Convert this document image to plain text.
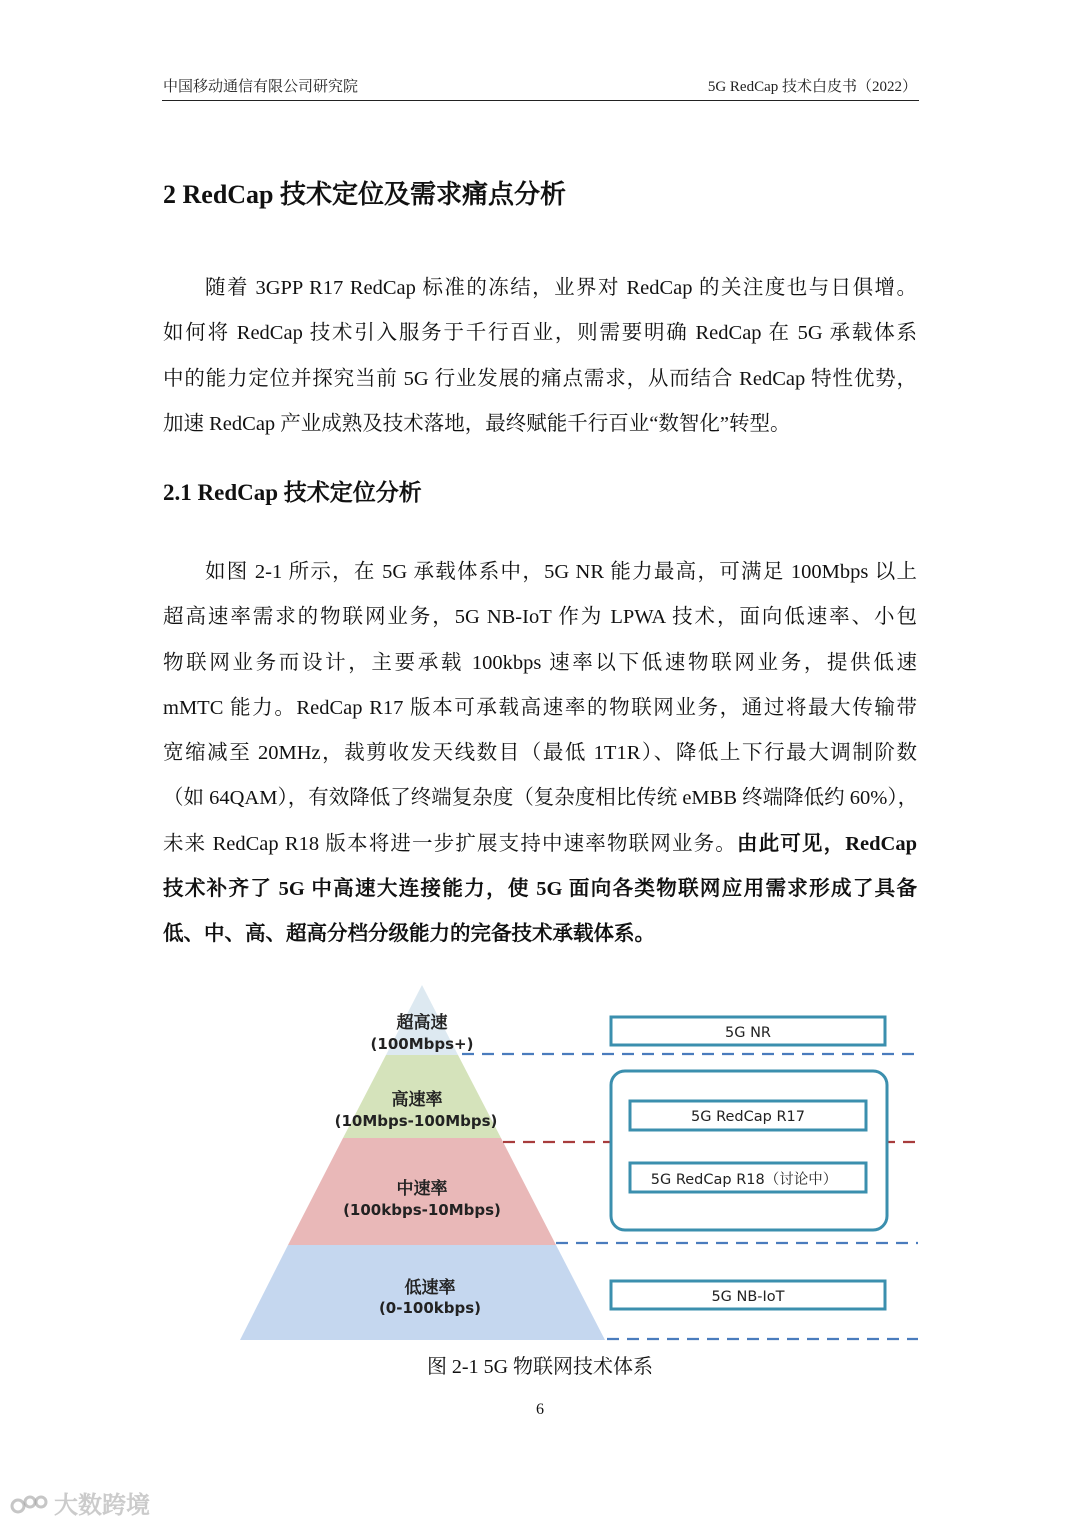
中国移动通信有限公司研究院	5G RedCap 技术白皮书（2022）
2 RedCap 技术定位及需求痛点分析
随着 3GPP R17 RedCap 标准的冻结，业界对 RedCap 的关注度也与日俱增。
如何将 RedCap 技术引入服务于千行百业，则需要明确 RedCap 在 5G 承载体系
中的能力定位并探究当前 5G 行业发展的痛点需求，从而结合 RedCap 特性优势，
加速 RedCap 产业成熟及技术落地，最终赋能千行百业“数智化”转型。
2.1 RedCap 技术定位分析
如图 2-1 所示，在 5G 承载体系中，5G NR 能力最高，可满足 100Mbps 以上
超高速率需求的物联网业务，5G NB-IoT 作为 LPWA 技术，面向低速率、小包
物联网业务而设计，主要承载 100kbps 速率以下低速物联网业务，提供低速
mMTC 能力。RedCap R17 版本可承载高速率的物联网业务，通过将最大传输带
宽缩减至 20MHz，裁剪收发天线数目（最低 1T1R）、降低上下行最大调制阶数
（如 64QAM），有效降低了终端复杂度（复杂度相比传统 eMBB 终端降低约 60%），
未来 RedCap R18 版本将进一步扩展支持中速率物联网业务。由此可见，RedCap
技术补齐了 5G 中高速大连接能力，使 5G 面向各类物联网应用需求形成了具备
低、中、高、超高分档分级能力的完备技术承载体系。
超高速
(100Mbps+)
高速率
(10Mbps-100Mbps)
中速率
(100kbps-10Mbps)
低速率
(0-100kbps)
5G NR
5G RedCap R17
5G RedCap R18（讨论中）
5G NB-IoT
图 2-1 5G 物联网技术体系
6
大数跨境
